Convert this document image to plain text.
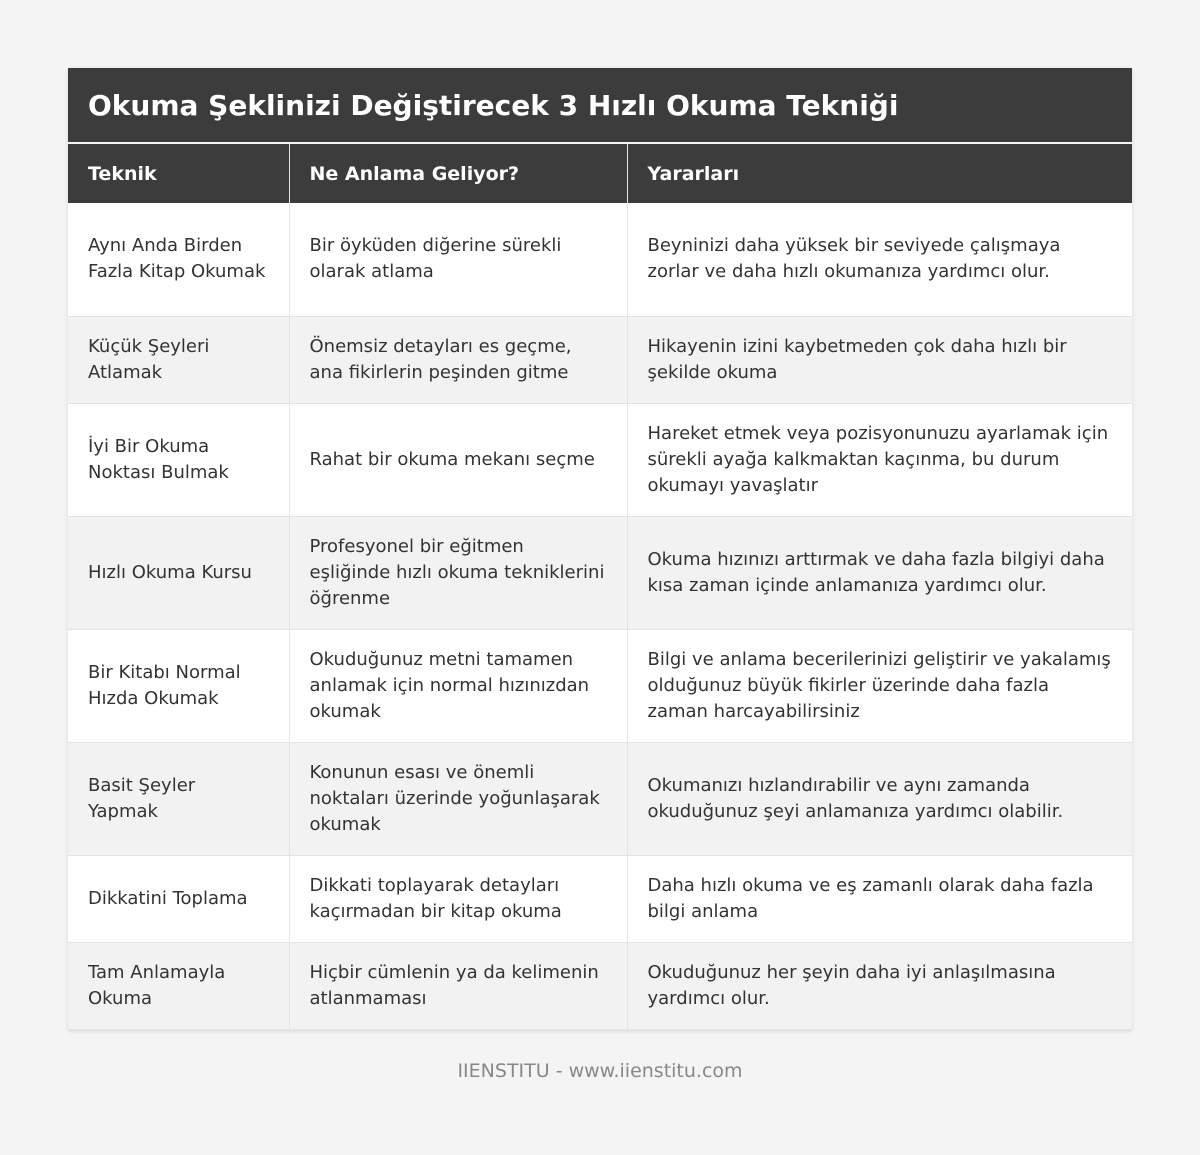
Okuma Şeklinizi Değiştirecek 3 Hızlı Okuma Tekniği
Teknik	Ne Anlama Geliyor?	Yararları
Aynı Anda Birden Fazla Kitap Okumak	Bir öyküden diğerine sürekli olarak atlama	Beyninizi daha yüksek bir seviyede çalışmaya zorlar ve daha hızlı okumanıza yardımcı olur.
Küçük Şeyleri Atlamak	Önemsiz detayları es geçme, ana fikirlerin peşinden gitme	Hikayenin izini kaybetmeden çok daha hızlı bir şekilde okuma
İyi Bir Okuma Noktası Bulmak	Rahat bir okuma mekanı seçme	Hareket etmek veya pozisyonunuzu ayarlamak için sürekli ayağa kalkmaktan kaçınma, bu durum okumayı yavaşlatır
Hızlı Okuma Kursu	Profesyonel bir eğitmen eşliğinde hızlı okuma tekniklerini öğrenme	Okuma hızınızı arttırmak ve daha fazla bilgiyi daha kısa zaman içinde anlamanıza yardımcı olur.
Bir Kitabı Normal Hızda Okumak	Okuduğunuz metni tamamen anlamak için normal hızınızdan okumak	Bilgi ve anlama becerilerinizi geliştirir ve yakalamış olduğunuz büyük fikirler üzerinde daha fazla zaman harcayabilirsiniz
Basit Şeyler Yapmak	Konunun esası ve önemli noktaları üzerinde yoğunlaşarak okumak	Okumanızı hızlandırabilir ve aynı zamanda okuduğunuz şeyi anlamanıza yardımcı olabilir.
Dikkatini Toplama	Dikkati toplayarak detayları kaçırmadan bir kitap okuma	Daha hızlı okuma ve eş zamanlı olarak daha fazla bilgi anlama
Tam Anlamayla Okuma	Hiçbir cümlenin ya da kelimenin atlanmaması	Okuduğunuz her şeyin daha iyi anlaşılmasına yardımcı olur.
IIENSTITU - www.iienstitu.com
